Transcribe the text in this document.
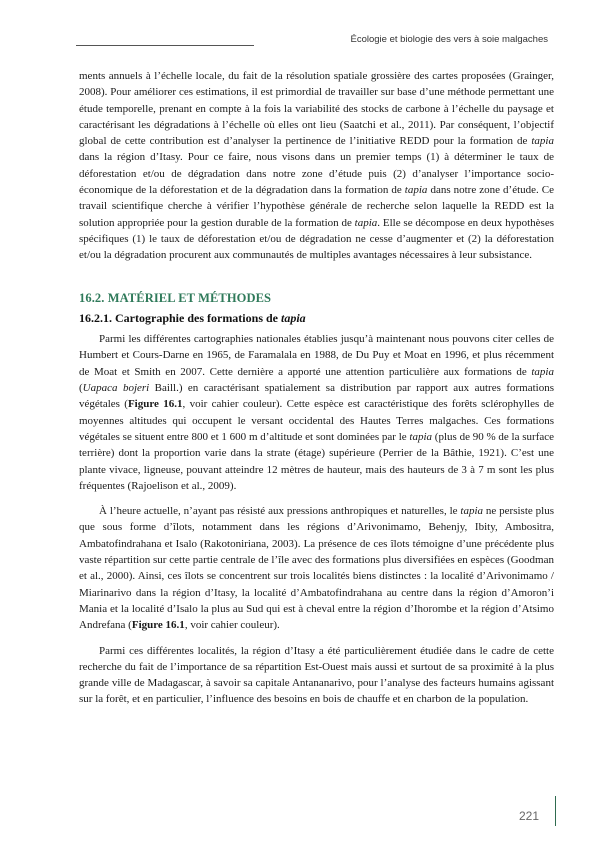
Écologie et biologie des vers à soie malgaches

ments annuels à l’échelle locale, du fait de la résolution spatiale grossière des cartes proposées (Grainger, 2008). Pour améliorer ces estimations, il est primordial de travailler sur base d’une méthode permettant une étude temporelle, prenant en compte à la fois la variabilité des stocks de carbone à l’échelle du paysage et caractérisant les dégradations à l’échelle où elles ont lieu (Saatchi et al., 2011). Par conséquent, l’objectif global de cette contribution est d’analyser la pertinence de l’initiative REDD pour la formation de tapia dans la région d’Itasy. Pour ce faire, nous visons dans un premier temps (1) à déterminer le taux de déforestation et/ou de dégradation dans notre zone d’étude puis (2) d’analyser l’importance socio-économique de la déforestation et de la dégradation dans la formation de tapia dans notre zone d’étude. Ce travail scientifique cherche à vérifier l’hypothèse générale de recherche selon laquelle la REDD est la solution appropriée pour la gestion durable de la formation de tapia. Elle se décompose en deux hypothèses spécifiques (1) le taux de déforestation et/ou de dégradation ne cesse d’augmenter et (2) la déforestation et/ou la dégradation procurent aux communautés de multiples avantages nécessaires à leur subsistance.

16.2. MATÉRIEL ET MÉTHODES
16.2.1. Cartographie des formations de tapia

Parmi les différentes cartographies nationales établies jusqu’à maintenant nous pouvons citer celles de Humbert et Cours-Darne en 1965, de Faramalala en 1988, de Du Puy et Moat en 1996, et plus récemment de Moat et Smith en 2007. Cette dernière a apporté une attention particulière aux formations de tapia (Uapaca bojeri Baill.) en caractérisant spatialement sa distribution par rapport aux autres formations végétales (Figure 16.1, voir cahier couleur). Cette espèce est caractéristique des forêts sclérophylles de moyennes altitudes qui occupent le versant occidental des Hautes Terres malgaches. Ces formations végétales se situent entre 800 et 1 600 m d’altitude et sont dominées par le tapia (plus de 90 % de la surface terrière) dont la proportion varie dans la strate (étage) supérieure (Perrier de la Bâthie, 1921). C’est une plante vivace, ligneuse, pouvant atteindre 12 mètres de hauteur, mais des hauteurs de 3 à 7 m sont les plus fréquentes (Rajoelison et al., 2009).

À l’heure actuelle, n’ayant pas résisté aux pressions anthropiques et naturelles, le tapia ne persiste plus que sous forme d’îlots, notamment dans les régions d’Arivonimamo, Behenjy, Ibity, Ambositra, Ambatofindrahana et Isalo (Rakotoniriana, 2003). La présence de ces îlots témoigne d’une précédente plus vaste répartition sur cette partie centrale de l’île avec des formations plus diversifiées en espèces (Goodman et al., 2000). Ainsi, ces îlots se concentrent sur trois localités biens distinctes : la localité d’Arivonimamo / Miarinarivo dans la région d’Itasy, la localité d’Ambatofindrahana au centre dans la région d’Amoron’i Mania et la localité d’Isalo la plus au Sud qui est à cheval entre la région d’Ihorombe et la région d’Atsimo Andrefana (Figure 16.1, voir cahier couleur).

Parmi ces différentes localités, la région d’Itasy a été particulièrement étudiée dans le cadre de cette recherche du fait de l’importance de sa répartition Est-Ouest mais aussi et surtout de sa proximité à la plus grande ville de Madagascar, à savoir sa capitale Antananarivo, pour l’analyse des facteurs humains agissant sur la forêt, et en particulier, l’influence des besoins en bois de chauffe et en charbon de la population.

221
